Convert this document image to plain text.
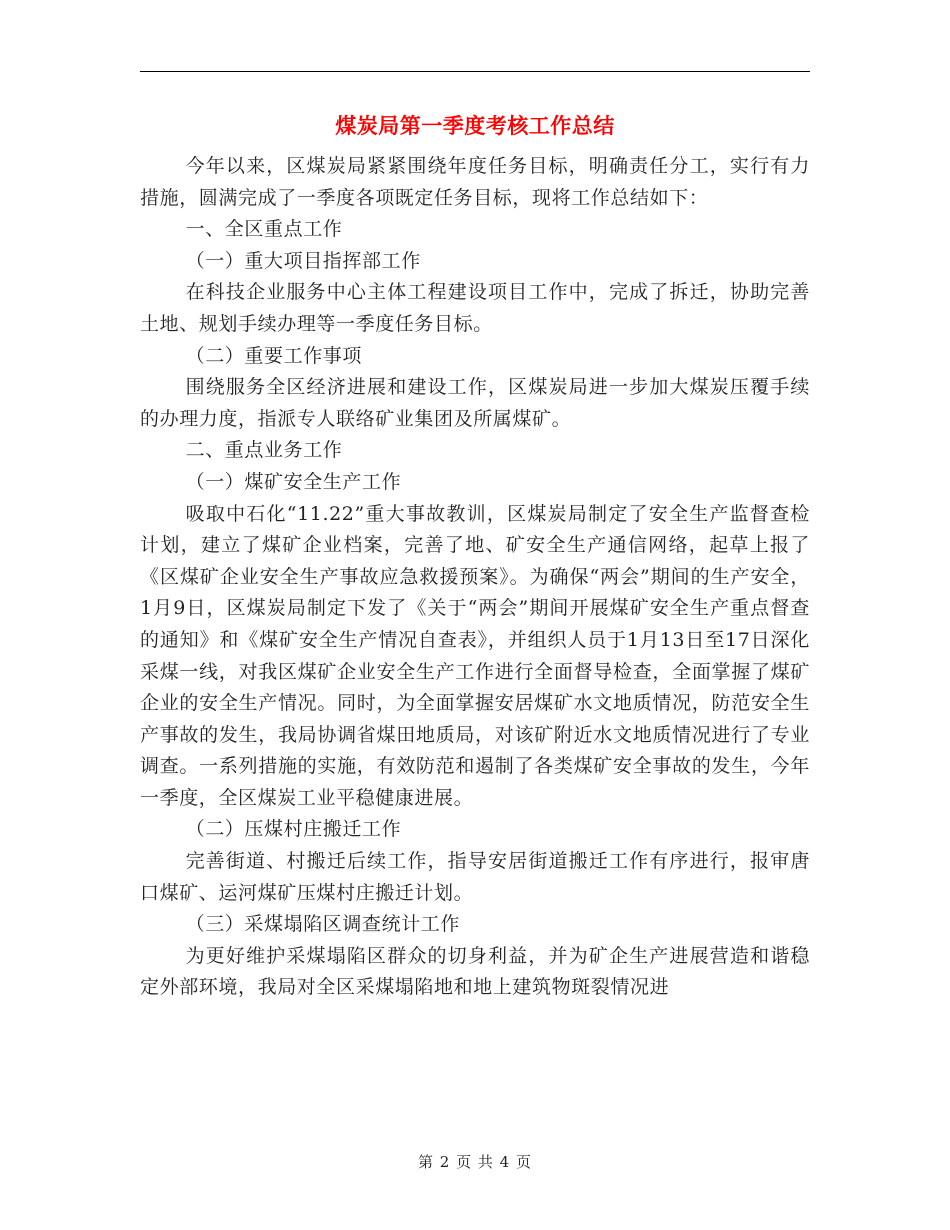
煤炭局第一季度考核工作总结

今年以来，区煤炭局紧紧围绕年度任务目标，明确责任分工，实行有力措施，圆满完成了一季度各项既定任务目标，现将工作总结如下：

一、全区重点工作

（一）重大项目指挥部工作

在科技企业服务中心主体工程建设项目工作中，完成了拆迁，协助完善土地、规划手续办理等一季度任务目标。

（二）重要工作事项

围绕服务全区经济进展和建设工作，区煤炭局进一步加大煤炭压覆手续的办理力度，指派专人联络矿业集团及所属煤矿。

二、重点业务工作

（一）煤矿安全生产工作

吸取中石化“11.22”重大事故教训，区煤炭局制定了安全生产监督查检计划，建立了煤矿企业档案，完善了地、矿安全生产通信网络，起草上报了《区煤矿企业安全生产事故应急救援预案》。为确保“两会”期间的生产安全，1月9日，区煤炭局制定下发了《关于“两会”期间开展煤矿安全生产重点督查的通知》和《煤矿安全生产情况自查表》，并组织人员于1月13日至17日深化采煤一线，对我区煤矿企业安全生产工作进行全面督导检查，全面掌握了煤矿企业的安全生产情况。同时，为全面掌握安居煤矿水文地质情况，防范安全生产事故的发生，我局协调省煤田地质局，对该矿附近水文地质情况进行了专业调查。一系列措施的实施，有效防范和遏制了各类煤矿安全事故的发生，今年一季度，全区煤炭工业平稳健康进展。

（二）压煤村庄搬迁工作

完善街道、村搬迁后续工作，指导安居街道搬迁工作有序进行，报审唐口煤矿、运河煤矿压煤村庄搬迁计划。

（三）采煤塌陷区调查统计工作

为更好维护采煤塌陷区群众的切身利益，并为矿企生产进展营造和谐稳定外部环境，我局对全区采煤塌陷地和地上建筑物斑裂情况进

第 2 页 共 4 页
